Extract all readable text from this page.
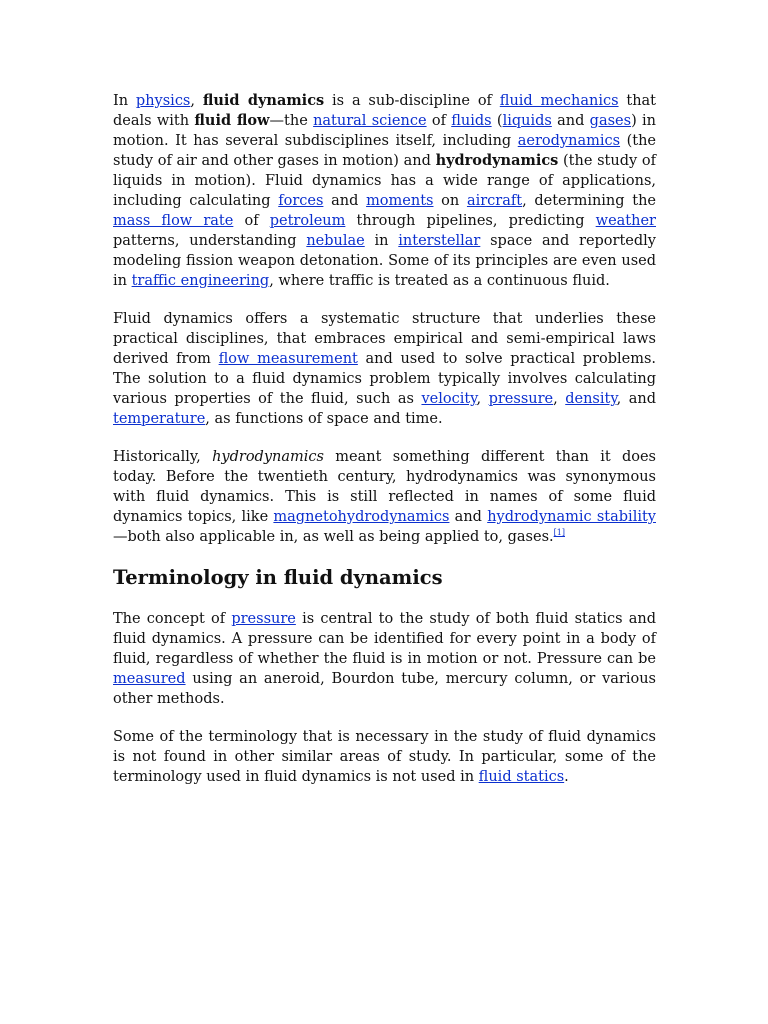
In physics, fluid dynamics is a sub-discipline of fluid mechanics that deals with fluid flow—the natural science of fluids (liquids and gases) in motion. It has several subdisciplines itself, including aerodynamics (the study of air and other gases in motion) and hydrodynamics (the study of liquids in motion). Fluid dynamics has a wide range of applications, including calculating forces and moments on aircraft, determining the mass flow rate of petroleum through pipelines, predicting weather patterns, understanding nebulae in interstellar space and reportedly modeling fission weapon detonation. Some of its principles are even used in traffic engineering, where traffic is treated as a continuous fluid.

Fluid dynamics offers a systematic structure that underlies these practical disciplines, that embraces empirical and semi-empirical laws derived from flow measurement and used to solve practical problems. The solution to a fluid dynamics problem typically involves calculating various properties of the fluid, such as velocity, pressure, density, and temperature, as functions of space and time.

Historically, hydrodynamics meant something different than it does today. Before the twentieth century, hydrodynamics was synonymous with fluid dynamics. This is still reflected in names of some fluid dynamics topics, like magnetohydrodynamics and hydrodynamic stability—both also applicable in, as well as being applied to, gases.[1]

Terminology in fluid dynamics

The concept of pressure is central to the study of both fluid statics and fluid dynamics. A pressure can be identified for every point in a body of fluid, regardless of whether the fluid is in motion or not. Pressure can be measured using an aneroid, Bourdon tube, mercury column, or various other methods.

Some of the terminology that is necessary in the study of fluid dynamics is not found in other similar areas of study. In particular, some of the terminology used in fluid dynamics is not used in fluid statics.
